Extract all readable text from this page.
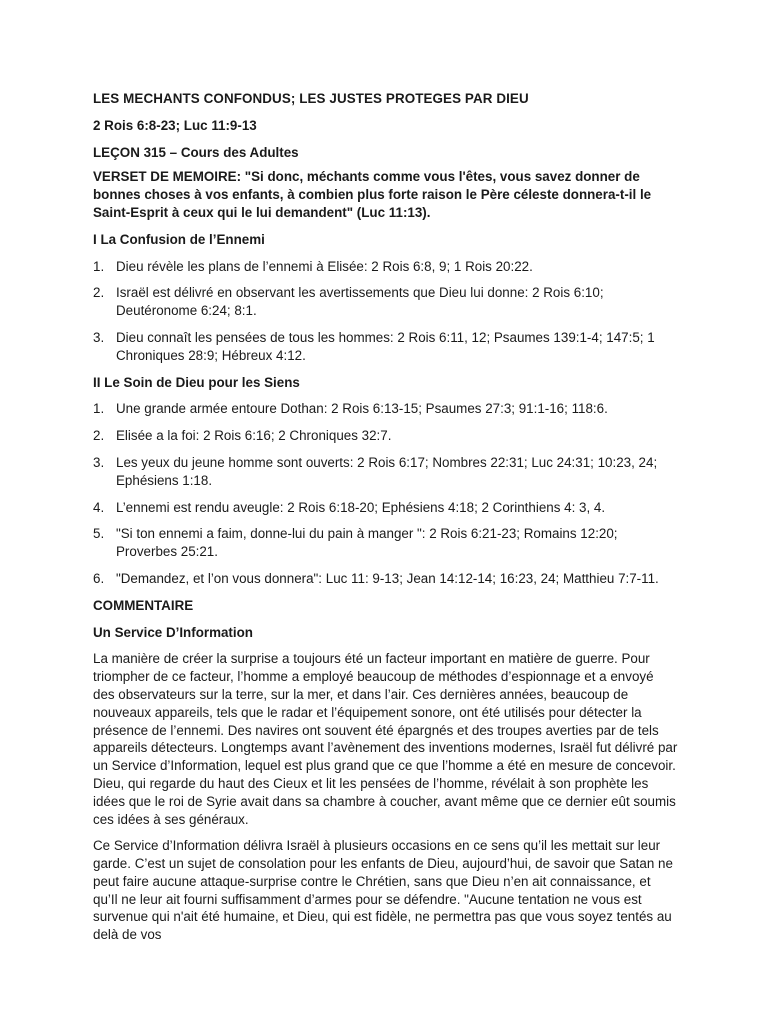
LES MECHANTS CONFONDUS; LES JUSTES PROTEGES PAR DIEU

2 Rois 6:8-23; Luc 11:9-13

LEÇON 315 – Cours des Adultes

VERSET DE MEMOIRE: "Si donc, méchants comme vous l'êtes, vous savez donner de bonnes choses à vos enfants, à combien plus forte raison le Père céleste donnera-t-il le Saint-Esprit à ceux qui le lui demandent" (Luc 11:13).

I La Confusion de l’Ennemi

1. Dieu révèle les plans de l’ennemi à Elisée: 2 Rois 6:8, 9; 1 Rois 20:22.
2. Israël est délivré en observant les avertissements que Dieu lui donne: 2 Rois 6:10; Deutéronome 6:24; 8:1.
3. Dieu connaît les pensées de tous les hommes: 2 Rois 6:11, 12; Psaumes 139:1-4; 147:5; 1 Chroniques 28:9; Hébreux 4:12.

II Le Soin de Dieu pour les Siens

1. Une grande armée entoure Dothan: 2 Rois 6:13-15; Psaumes 27:3; 91:1-16; 118:6.
2. Elisée a la foi: 2 Rois 6:16; 2 Chroniques 32:7.
3. Les yeux du jeune homme sont ouverts: 2 Rois 6:17; Nombres 22:31; Luc 24:31; 10:23, 24; Ephésiens 1:18.
4. L’ennemi est rendu aveugle: 2 Rois 6:18-20; Ephésiens 4:18; 2 Corinthiens 4: 3, 4.
5. "Si ton ennemi a faim, donne-lui du pain à manger ": 2 Rois 6:21-23; Romains 12:20; Proverbes 25:21.
6. "Demandez, et l’on vous donnera": Luc 11: 9-13; Jean 14:12-14; 16:23, 24; Matthieu 7:7-11.

COMMENTAIRE

Un Service D’Information

La manière de créer la surprise a toujours été un facteur important en matière de guerre. Pour triompher de ce facteur, l’homme a employé beaucoup de méthodes d’espionnage et a envoyé des observateurs sur la terre, sur la mer, et dans l’air. Ces dernières années, beaucoup de nouveaux appareils, tels que le radar et l’équipement sonore, ont été utilisés pour détecter la présence de l’ennemi. Des navires ont souvent été épargnés et des troupes averties par de tels appareils détecteurs. Longtemps avant l’avènement des inventions modernes, Israël fut délivré par un Service d’Information, lequel est plus grand que ce que l’homme a été en mesure de concevoir. Dieu, qui regarde du haut des Cieux et lit les pensées de l’homme, révélait à son prophète les idées que le roi de Syrie avait dans sa chambre à coucher, avant même que ce dernier eût soumis ces idées à ses généraux.

Ce Service d’Information délivra Israël à plusieurs occasions en ce sens qu’il les mettait sur leur garde. C’est un sujet de consolation pour les enfants de Dieu, aujourd’hui, de savoir que Satan ne peut faire aucune attaque-surprise contre le Chrétien, sans que Dieu n’en ait connaissance, et qu’Il ne leur ait fourni suffisamment d’armes pour se défendre. "Aucune tentation ne vous est survenue qui n'ait été humaine, et Dieu, qui est fidèle, ne permettra pas que vous soyez tentés au delà de vos
